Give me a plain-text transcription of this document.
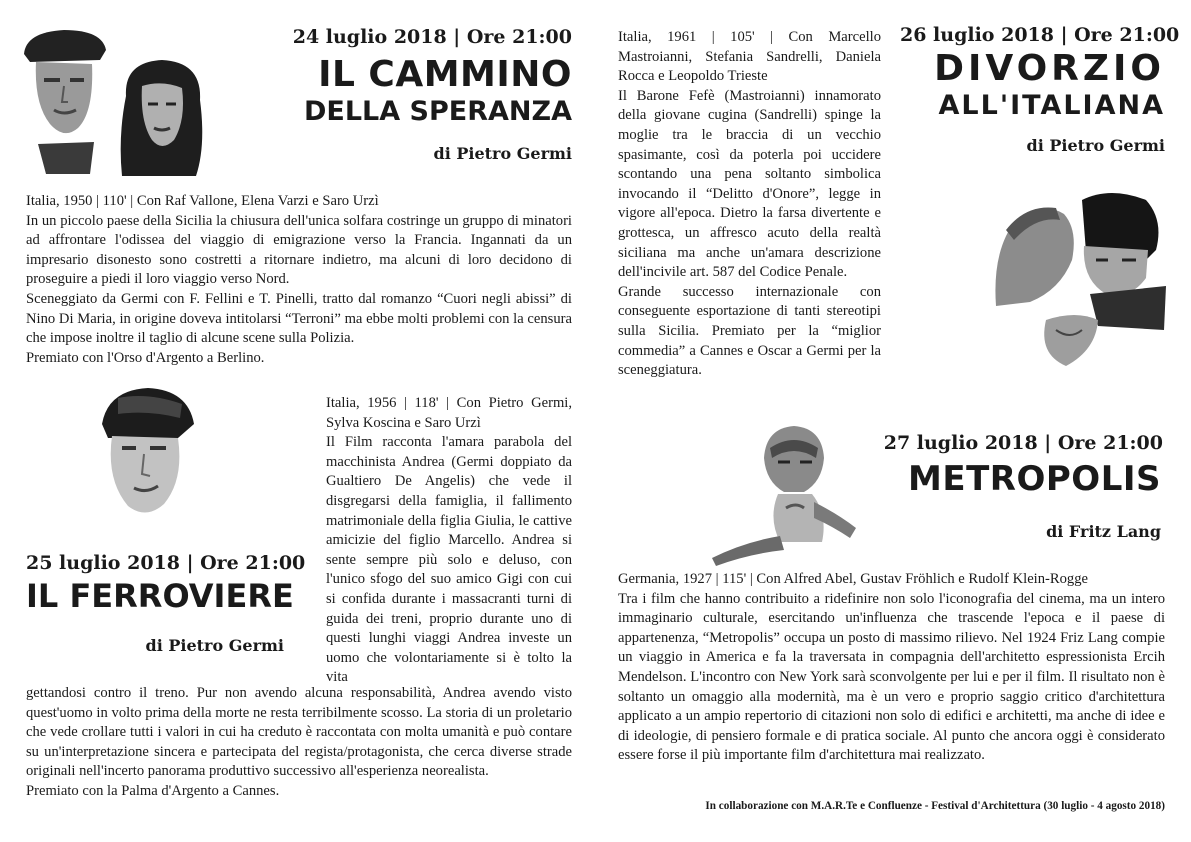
24 luglio 2018 | Ore 21:00
IL CAMMINO
DELLA SPERANZA
di Pietro Germi

Italia, 1950 | 110' | Con Raf Vallone, Elena Varzi e Saro Urzì

In un piccolo paese della Sicilia la chiusura dell'unica solfara costringe un gruppo di minatori ad affrontare l'odissea del viaggio di emigrazione verso la Francia. Ingannati da un impresario disonesto sono costretti a ritornare indietro, ma alcuni di loro decidono di proseguire a piedi il loro viaggio verso Nord.

Sceneggiato da Germi con F. Fellini e T. Pinelli, tratto dal romanzo “Cuori negli abissi” di Nino Di Maria, in origine doveva intitolarsi “Terroni” ma ebbe molti problemi con la censura che impose inoltre il taglio di alcune scene sulla Polizia.

Premiato con l'Orso d'Argento a Berlino.

Italia, 1956 | 118' | Con Pietro Germi, Sylva Koscina e Saro Urzì

Il Film racconta l'amara parabola del macchinista Andrea (Germi doppiato da Gualtiero De Angelis) che vede il disgregarsi della famiglia, il fallimento matrimoniale della figlia Giulia, le cattive amicizie del figlio Marcello. Andrea si sente sempre più solo e deluso, con l'unico sfogo del suo amico Gigi con cui si confida durante i massacranti turni di guida dei treni, proprio durante uno di questi lunghi viaggi Andrea investe un uomo che volontariamente si è tolto la vita

25 luglio 2018 | Ore 21:00
IL FERROVIERE
di Pietro Germi

gettandosi contro il treno. Pur non avendo alcuna responsabilità, Andrea avendo visto quest'uomo in volto prima della morte ne resta terribilmente scosso. La storia di un proletario che vede crollare tutti i valori in cui ha creduto è raccontata con molta umanità e può contare su un'interpretazione sincera e partecipata del regista/protagonista, che cerca diverse strade originali nell'incerto panorama produttivo successivo all'esperienza neorealista.

Premiato con la Palma d'Argento a Cannes.

Italia, 1961 | 105' | Con Marcello Mastroianni, Stefania Sandrelli, Daniela Rocca e Leopoldo Trieste

Il Barone Fefè (Mastroianni) innamorato della giovane cugina (Sandrelli) spinge la moglie tra le braccia di un vecchio spasimante, così da poterla poi uccidere scontando una pena soltanto simbolica invocando il “Delitto d'Onore”, legge in vigore all'epoca. Dietro la farsa divertente e grottesca, un affresco acuto della realtà siciliana ma anche un'amara descrizione dell'incivile art. 587 del Codice Penale.

Grande successo internazionale con conseguente esportazione di tanti stereotipi sulla Sicilia. Premiato per la “miglior commedia” a Cannes e Oscar a Germi per la sceneggiatura.

26 luglio 2018 | Ore 21:00
DIVORZIO
ALL'ITALIANA
di Pietro Germi
27 luglio 2018 | Ore 21:00
METROPOLIS
di Fritz Lang

Germania, 1927 | 115' | Con Alfred Abel, Gustav Fröhlich e Rudolf Klein-Rogge

Tra i film che hanno contribuito a ridefinire non solo l'iconografia del cinema, ma un intero immaginario culturale, esercitando un'influenza che trascende l'epoca e il paese di appartenenza, “Metropolis” occupa un posto di massimo rilievo. Nel 1924 Friz Lang compie un viaggio in America e fa la traversata in compagnia dell'architetto espressionista Ercih Mendelson. L'incontro con New York sarà sconvolgente per lui e per il film. Il risultato non è soltanto un omaggio alla modernità, ma è un vero e proprio saggio critico d'architettura applicato a un ampio repertorio di citazioni non solo di edifici e architetti, ma anche di idee e di ideologie, di pensiero formale e di pratica sociale. Al punto che ancora oggi è considerato essere forse il più importante film d'architettura mai realizzato.

In collaborazione con M.A.R.Te e Confluenze - Festival d'Architettura (30 luglio - 4 agosto 2018)
